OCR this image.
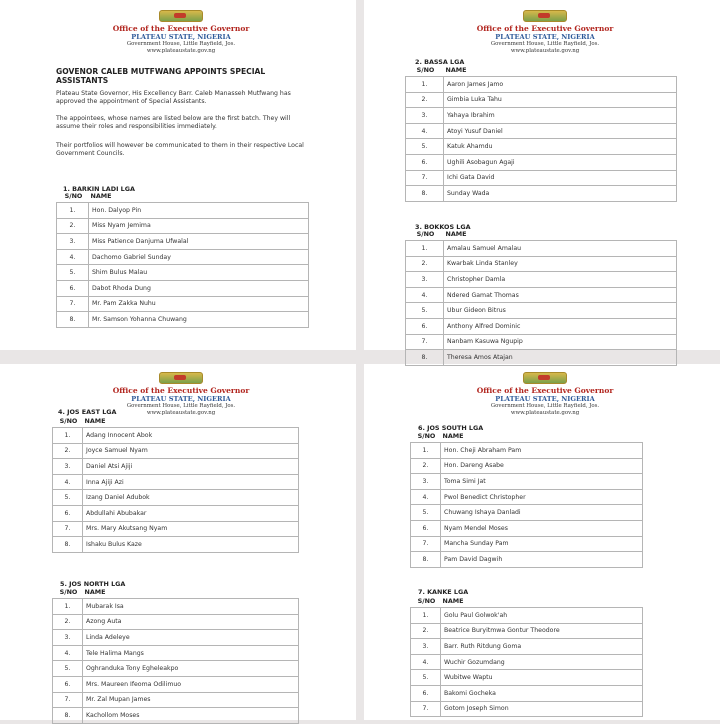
GOVENOR CALEB MUTFWANG APPOINTS SPECIAL ASSISTANTS
Plateau State Governor, His Excellency Barr. Caleb Manasseh Mutfwang has approved the appointment of Special Assistants.
The appointees, whose names are listed below are the first batch. They will assume their roles and responsibilities immediately.
Their portfolios will however be communicated to them in their respective Local Government Councils.
Office of the Executive Governor
PLATEAU STATE, NIGERIA
Government House, Little Rayfield, Jos.
www.plateaustate.gov.ng
Office of the Executive Governor
PLATEAU STATE, NIGERIA
Government House, Little Rayfield, Jos.
www.plateaustate.gov.ng
Office of the Executive Governor
PLATEAU STATE, NIGERIA
Government House, Little Rayfield, Jos.
www.plateaustate.gov.ng
Office of the Executive Governor
PLATEAU STATE, NIGERIA
Government House, Little Rayfield, Jos.
www.plateaustate.gov.ng
1. BARKIN LADI LGA
S/NO	NAME
1.	Hon. Dalyop Pin
2.	Miss Nyam Jemima
3.	Miss Patience Danjuma Ufwalal
4.	Dachomo Gabriel Sunday
5.	Shim Bulus Malau
6.	Dabot Rhoda Dung
7.	Mr. Pam Zakka Nuhu
8.	Mr. Samson Yohanna Chuwang
2. BASSA LGA
S/NO	NAME
1.	Aaron James Jamo
2.	Gimbia Luka Tahu
3.	Yahaya Ibrahim
4.	Atoyi Yusuf Daniel
5.	Katuk Ahamdu
6.	Ughili Asobagun Agaji
7.	Ichi Gata David
8.	Sunday Wada
3. BOKKOS LGA
S/NO	NAME
1.	Amalau Samuel Amalau
2.	Kwarbak Linda Stanley
3.	Christopher Damla
4.	Ndered Gamat Thomas
5.	Ubur Gideon Bitrus
6.	Anthony Alfred Dominic
7.	Nanbam Kasuwa Ngupip
8.	Theresa Amos Atajan
4. JOS EAST LGA
S/NO	NAME
1.	Adang Innocent Abok
2.	Joyce Samuel Nyam
3.	Daniel Atsi Ajiji
4.	Inna Ajiji Azi
5.	Izang Daniel Adubok
6.	Abdullahi Abubakar
7.	Mrs. Mary Akutsang Nyam
8.	Ishaku Bulus Kaze
5. JOS NORTH LGA
S/NO	NAME
1.	Mubarak Isa
2.	Azong Auta
3.	Linda Adeleye
4.	Tele Halima Mangs
5.	Oghranduka Tony Egheleakpo
6.	Mrs. Maureen Ifeoma Odilimuo
7.	Mr. Zal Mupan James
8.	Kachollom Moses
6. JOS SOUTH LGA
S/NO	NAME
1.	Hon. Cheji Abraham Pam
2.	Hon. Dareng Asabe
3.	Toma Simi Jat
4.	Pwol Benedict Christopher
5.	Chuwang Ishaya Danladi
6.	Nyam Mendel Moses
7.	Mancha Sunday Pam
8.	Pam David Dagwih
7. KANKE LGA
S/NO	NAME
1.	Golu Paul Golwok'ah
2.	Beatrice Buryitmwa Gontur Theodore
3.	Barr. Ruth Ritdung Goma
4.	Wuchir Gozumdang
5.	Wubitwe Waptu
6.	Bakomi Gocheka
7.	Gotom Joseph Simon
